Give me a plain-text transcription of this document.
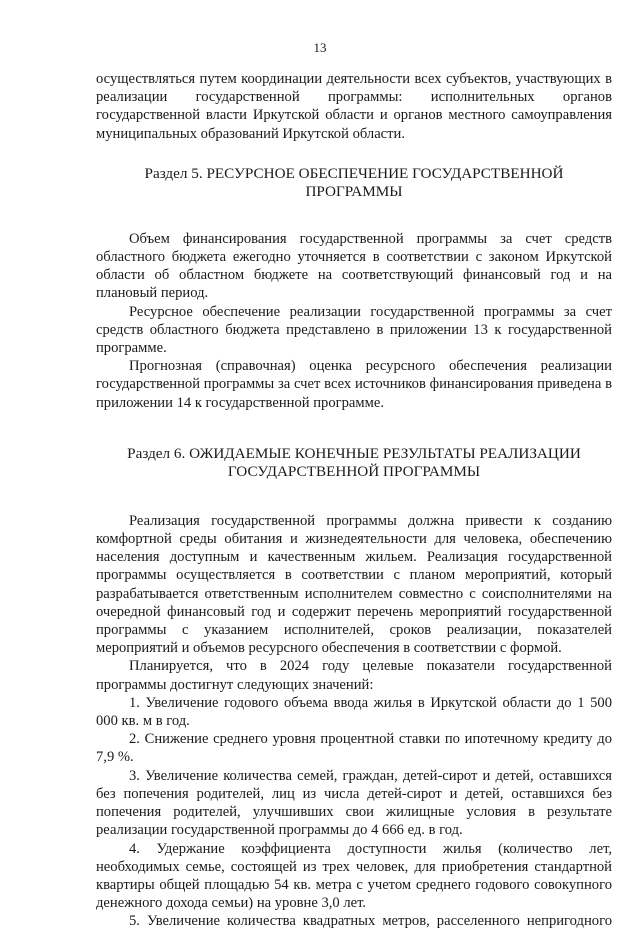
13

осуществляться путем координации деятельности всех субъектов, участвующих в реализации государственной программы: исполнительных органов государственной власти Иркутской области и органов местного самоуправления муниципальных образований Иркутской области.

Раздел 5. РЕСУРСНОЕ ОБЕСПЕЧЕНИЕ ГОСУДАРСТВЕННОЙ
ПРОГРАММЫ

Объем финансирования государственной программы за счет средств областного бюджета ежегодно уточняется в соответствии с законом Иркутской области об областном бюджете на соответствующий финансовый год и на плановый период.

Ресурсное обеспечение реализации государственной программы за счет средств областного бюджета представлено в приложении 13 к государственной программе.

Прогнозная (справочная) оценка ресурсного обеспечения реализации государственной программы за счет всех источников финансирования приведена в приложении 14 к государственной программе.

Раздел 6. ОЖИДАЕМЫЕ КОНЕЧНЫЕ РЕЗУЛЬТАТЫ РЕАЛИЗАЦИИ
ГОСУДАРСТВЕННОЙ ПРОГРАММЫ

Реализация государственной программы должна привести к созданию комфортной среды обитания и жизнедеятельности для человека, обеспечению населения доступным и качественным жильем. Реализация государственной программы осуществляется в соответствии с планом мероприятий, который разрабатывается ответственным исполнителем совместно с соисполнителями на очередной финансовый год и содержит перечень мероприятий государственной программы с указанием исполнителей, сроков реализации, показателей мероприятий и объемов ресурсного обеспечения в соответствии с формой.

Планируется, что в 2024 году целевые показатели государственной программы достигнут следующих значений:

1. Увеличение годового объема ввода жилья в Иркутской области до 1 500 000 кв. м в год.

2. Снижение среднего уровня процентной ставки по ипотечному кредиту до 7,9 %.

3. Увеличение количества семей, граждан, детей-сирот и детей, оставшихся без попечения родителей, лиц из числа детей-сирот и детей, оставшихся без попечения родителей, улучшивших свои жилищные условия в результате реализации государственной программы до 4 666 ед. в год.

4. Удержание коэффициента доступности жилья (количество лет, необходимых семье, состоящей из трех человек, для приобретения стандартной квартиры общей площадью 54 кв. метра с учетом среднего годового совокупного денежного дохода семьи) на уровне 3,0 лет.

5. Увеличение количества квадратных метров, расселенного непригодного
